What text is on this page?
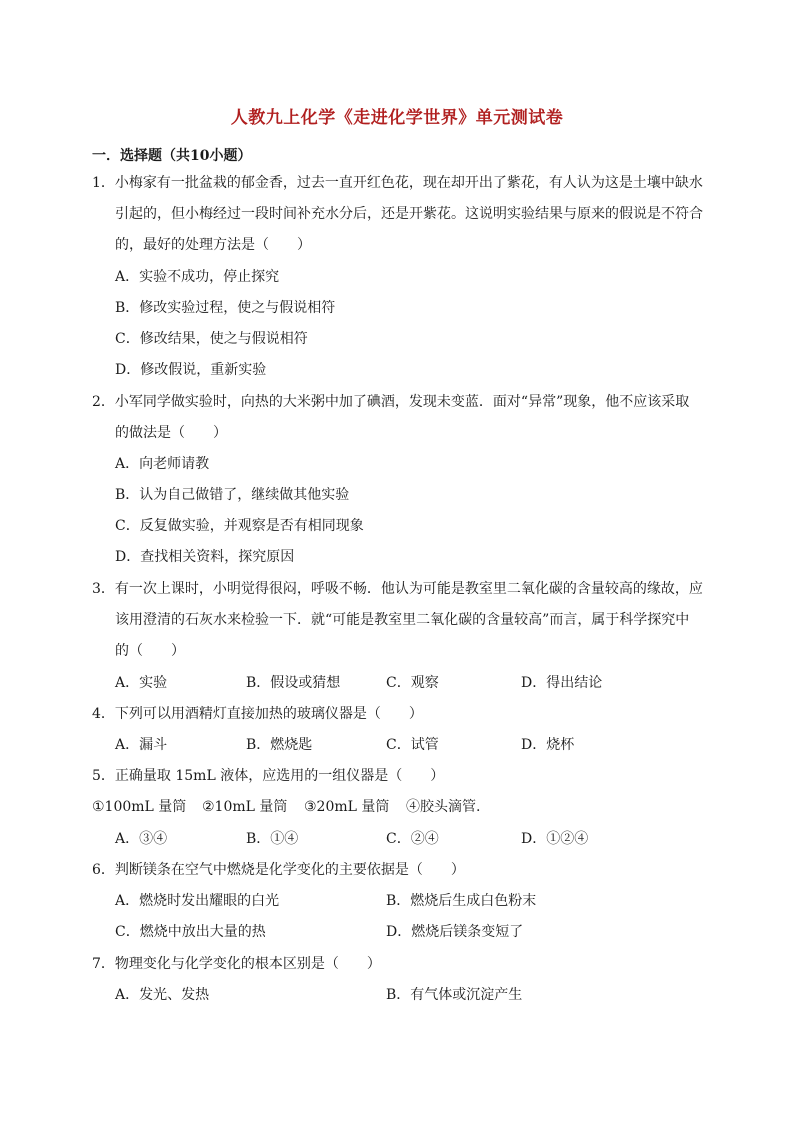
人教九上化学《走进化学世界》单元测试卷
一．选择题（共10小题）
1．小梅家有一批盆栽的郁金香，过去一直开红色花，现在却开出了紫花，有人认为这是土壤中缺水
引起的，但小梅经过一段时间补充水分后，还是开紫花。这说明实验结果与原来的假说是不符合
的，最好的处理方法是（　　）
A．实验不成功，停止探究
B．修改实验过程，使之与假说相符
C．修改结果，使之与假说相符
D．修改假说，重新实验
2．小军同学做实验时，向热的大米粥中加了碘酒，发现未变蓝．面对“异常”现象，他不应该采取
的做法是（　　）
A．向老师请教
B．认为自己做错了，继续做其他实验
C．反复做实验，并观察是否有相同现象
D．查找相关资料，探究原因
3．有一次上课时，小明觉得很闷，呼吸不畅．他认为可能是教室里二氧化碳的含量较高的缘故，应
该用澄清的石灰水来检验一下．就“可能是教室里二氧化碳的含量较高”而言，属于科学探究中
的（　　）
A．实验	B．假设或猜想	C．观察	D．得出结论
4．下列可以用酒精灯直接加热的玻璃仪器是（　　）
A．漏斗	B．燃烧匙	C．试管	D．烧杯
5．正确量取 15mL 液体，应选用的一组仪器是（　　）
①100mL 量筒 ②10mL 量筒 ③20mL 量筒 ④胶头滴管.
A．③④	B．①④	C．②④	D．①②④
6．判断镁条在空气中燃烧是化学变化的主要依据是（　　）
A．燃烧时发出耀眼的白光	B．燃烧后生成白色粉末
C．燃烧中放出大量的热	D．燃烧后镁条变短了
7．物理变化与化学变化的根本区别是（　　）
A．发光、发热	B．有气体或沉淀产生
